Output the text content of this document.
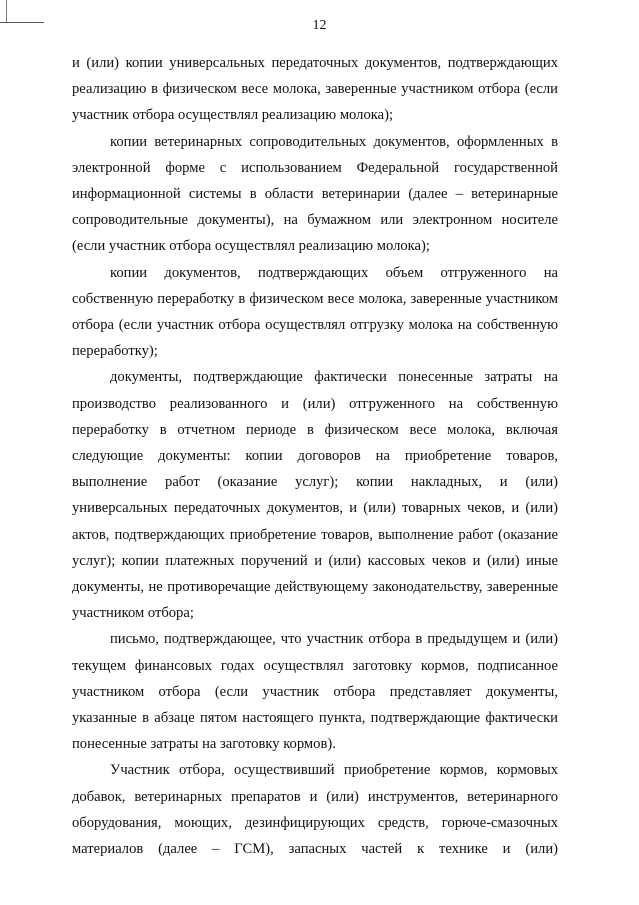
12

и (или) копии универсальных передаточных документов, подтверждающих реализацию в физическом весе молока, заверенные участником отбора (если участник отбора осуществлял реализацию молока);

копии ветеринарных сопроводительных документов, оформленных в электронной форме с использованием Федеральной государственной информационной системы в области ветеринарии (далее – ветеринарные сопроводительные документы), на бумажном или электронном носителе (если участник отбора осуществлял реализацию молока);

копии документов, подтверждающих объем отгруженного на собственную переработку в физическом весе молока, заверенные участником отбора (если участник отбора осуществлял отгрузку молока на собственную переработку);

документы, подтверждающие фактически понесенные затраты на производство реализованного и (или) отгруженного на собственную переработку в отчетном периоде в физическом весе молока, включая следующие документы: копии договоров на приобретение товаров, выполнение работ (оказание услуг); копии накладных, и (или) универсальных передаточных документов, и (или) товарных чеков, и (или) актов, подтверждающих приобретение товаров, выполнение работ (оказание услуг); копии платежных поручений и (или) кассовых чеков и (или) иные документы, не противоречащие действующему законодательству, заверенные участником отбора;

письмо, подтверждающее, что участник отбора в предыдущем и (или) текущем финансовых годах осуществлял заготовку кормов, подписанное участником отбора (если участник отбора представляет документы, указанные в абзаце пятом настоящего пункта, подтверждающие фактически понесенные затраты на заготовку кормов).

Участник отбора, осуществивший приобретение кормов, кормовых добавок, ветеринарных препаратов и (или) инструментов, ветеринарного оборудования, моющих, дезинфицирующих средств, горюче-смазочных материалов (далее – ГСМ), запасных частей к технике и (или)
